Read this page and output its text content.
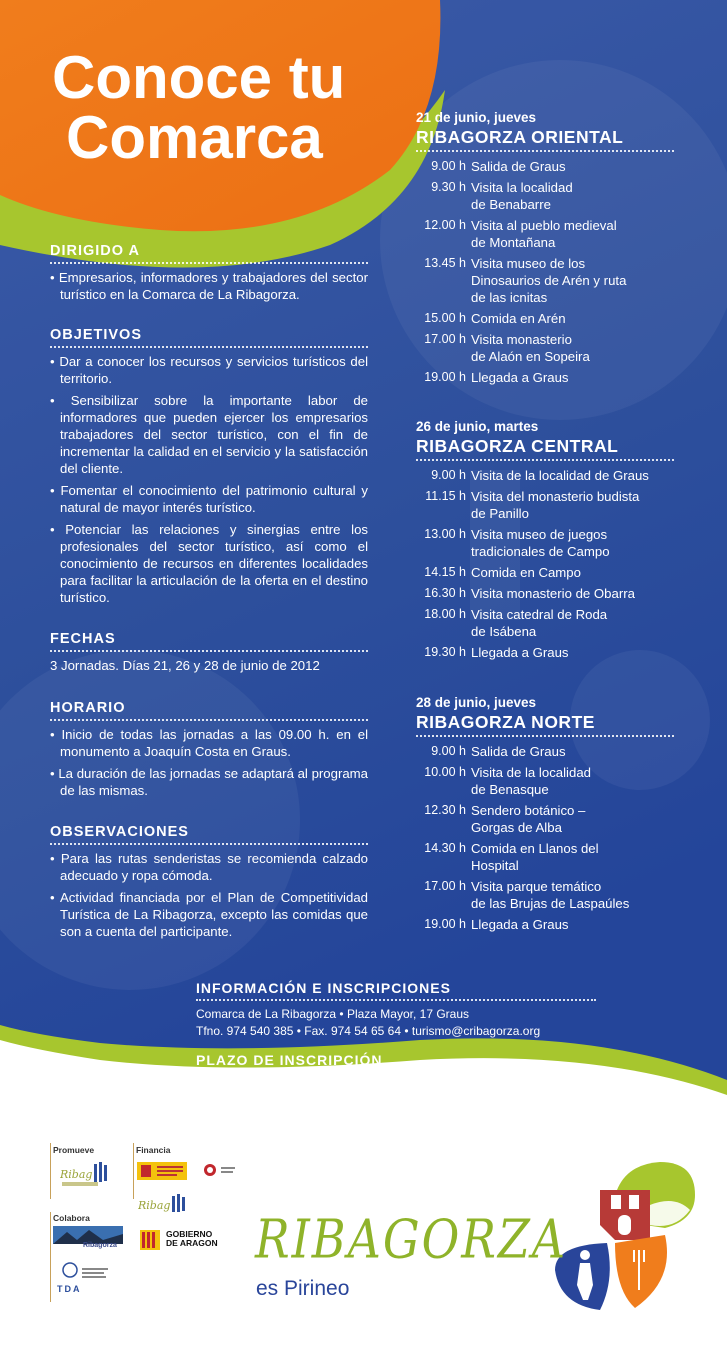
Conoce tu
Comarca
DIRIGIDO A
• Empresarios, informadores y trabajadores del sector turístico en la Comarca de La Ribagorza.
OBJETIVOS
• Dar a conocer los recursos y servicios turísticos del territorio.
• Sensibilizar sobre la importante labor de informadores que pueden ejercer los empresarios trabajadores del sector turístico, con el fin de incrementar la calidad en el servicio y la satisfacción del cliente.
• Fomentar el conocimiento del patrimonio cultural y natural de mayor interés turístico.
• Potenciar las relaciones y sinergias entre los profesionales del sector turístico, así como el conocimiento de recursos en diferentes localidades para facilitar la articulación de la oferta en el destino turístico.
FECHAS
3 Jornadas. Días 21, 26 y 28 de junio de 2012
HORARIO
• Inicio de todas las jornadas a las 09.00 h. en el monumento a Joaquín Costa en Graus.
• La duración de las jornadas se adaptará al programa de las mismas.
OBSERVACIONES
• Para las rutas senderistas se recomienda calzado adecuado y ropa cómoda.
• Actividad financiada por el Plan de Competitividad Turística de La Ribagorza, excepto las comidas que son a cuenta del participante.
21 de junio, jueves
RIBAGORZA ORIENTAL
9.00 h Salida de Graus
9.30 h Visita la localidad
de Benabarre
12.00 h Visita al pueblo medieval
de Montañana
13.45 h Visita museo de los
Dinosaurios de Arén y ruta
de las icnitas
15.00 h Comida en Arén
17.00 h Visita monasterio
de Alaón en Sopeira
19.00 h Llegada a Graus
26 de junio, martes
RIBAGORZA CENTRAL
9.00 h Visita de la localidad de Graus
11.15 h Visita del monasterio budista
de Panillo
13.00 h Visita museo de juegos
tradicionales de Campo
14.15 h Comida en Campo
16.30 h Visita monasterio de Obarra
18.00 h Visita catedral de Roda
de Isábena
19.30 h Llegada a Graus
28 de junio, jueves
RIBAGORZA NORTE
9.00 h Salida de Graus
10.00 h Visita de la localidad
de Benasque
12.30 h Sendero botánico –
Gorgas de Alba
14.30 h Comida en Llanos del
Hospital
17.00 h Visita parque temático
de las Brujas de Laspaúles
19.00 h Llegada a Graus
INFORMACIÓN E INSCRIPCIONES
Comarca de La Ribagorza • Plaza Mayor, 17 Graus
Tfno. 974 540 385 • Fax. 974 54 65 64 • turismo@cribagorza.org
PLAZO DE INSCRIPCIÓN
Hasta el 18 de junio, lunes
Promueve
Ribag
Financia
Ribag
Colabora
Ribagorza
TDA
GOBIERNO
DE ARAGON RIBAGORZA
es Pirineo
